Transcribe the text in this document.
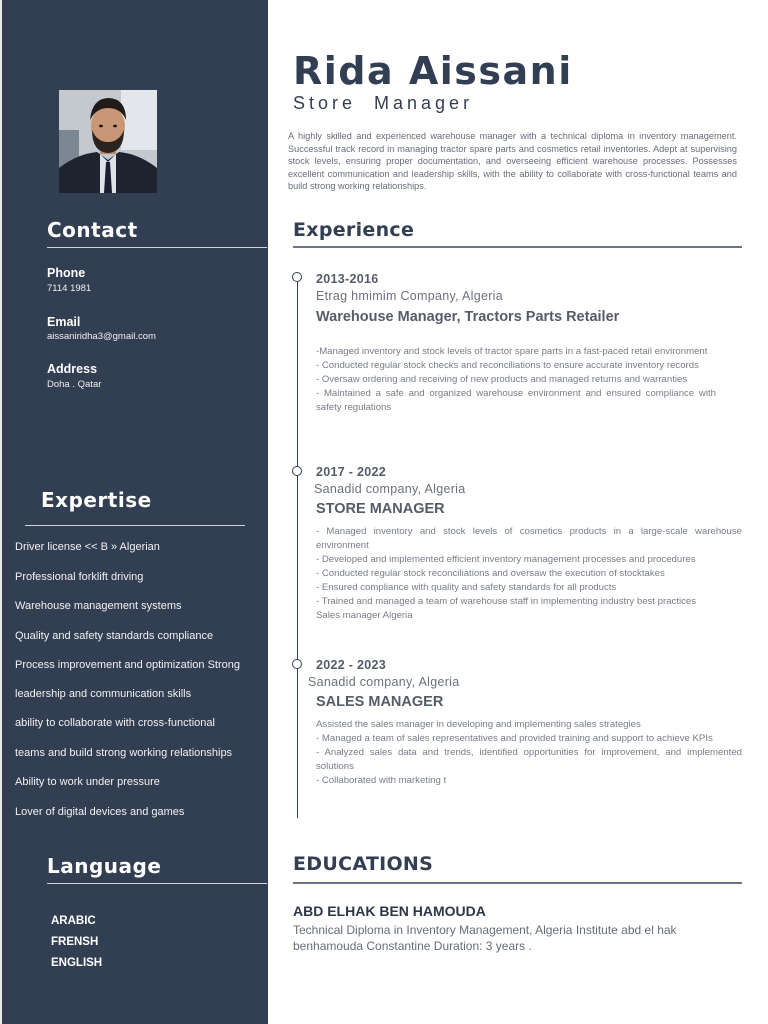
Contact
Phone
7114 1981
Email
aissaniridha3@gmail.com
Address
Doha . Qatar
Expertise
Driver license << B » Algerian
Professional forklift driving
Warehouse management systems
Quality and safety standards compliance
Process improvement and optimization Strong
leadership and communication skills
ability to collaborate with cross-functional
teams and build strong working relationships
Ability to work under pressure
Lover of digital devices and games
Language
ARABIC
FRENSH
ENGLISH
Rida Aissani
Store  Manager
A highly skilled and experienced warehouse manager with a technical diploma in inventory management. Successful track record in managing tractor spare parts and cosmetics retail inventories. Adept at supervising stock levels, ensuring proper documentation, and overseeing efficient warehouse processes. Possesses excellent communication and leadership skills, with the ability to collaborate with cross-functional teams and build strong working relationships.
Experience
2013-2016
Etrag hmimim Company, Algeria
Warehouse Manager, Tractors Parts Retailer
-Managed inventory and stock levels of tractor spare parts in a fast-paced retail environment
- Conducted regular stock checks and reconciliations to ensure accurate inventory records
- Oversaw ordering and receiving of new products and managed returns and warranties
- Maintained a safe and organized warehouse environment and ensured compliance with safety regulations
2017 - 2022
Sanadid company, Algeria
STORE MANAGER
- Managed inventory and stock levels of cosmetics products in a large-scale warehouse environment
- Developed and implemented efficient inventory management processes and procedures
- Conducted regular stock reconciliations and oversaw the execution of stocktakes
- Ensured compliance with quality and safety standards for all products
- Trained and managed a team of warehouse staff in implementing industry best practices
Sales manager Algeria
2022 - 2023
Sanadid company, Algeria
SALES MANAGER
Assisted the sales manager in developing and implementing sales strategies
- Managed a team of sales representatives and provided training and support to achieve KPIs
- Analyzed sales data and trends, identified opportunities for improvement, and implemented solutions
- Collaborated with marketing t
EDUCATIONS
ABD ELHAK BEN HAMOUDA
Technical Diploma in Inventory Management, Algeria Institute abd el hak benhamouda Constantine Duration: 3 years .
